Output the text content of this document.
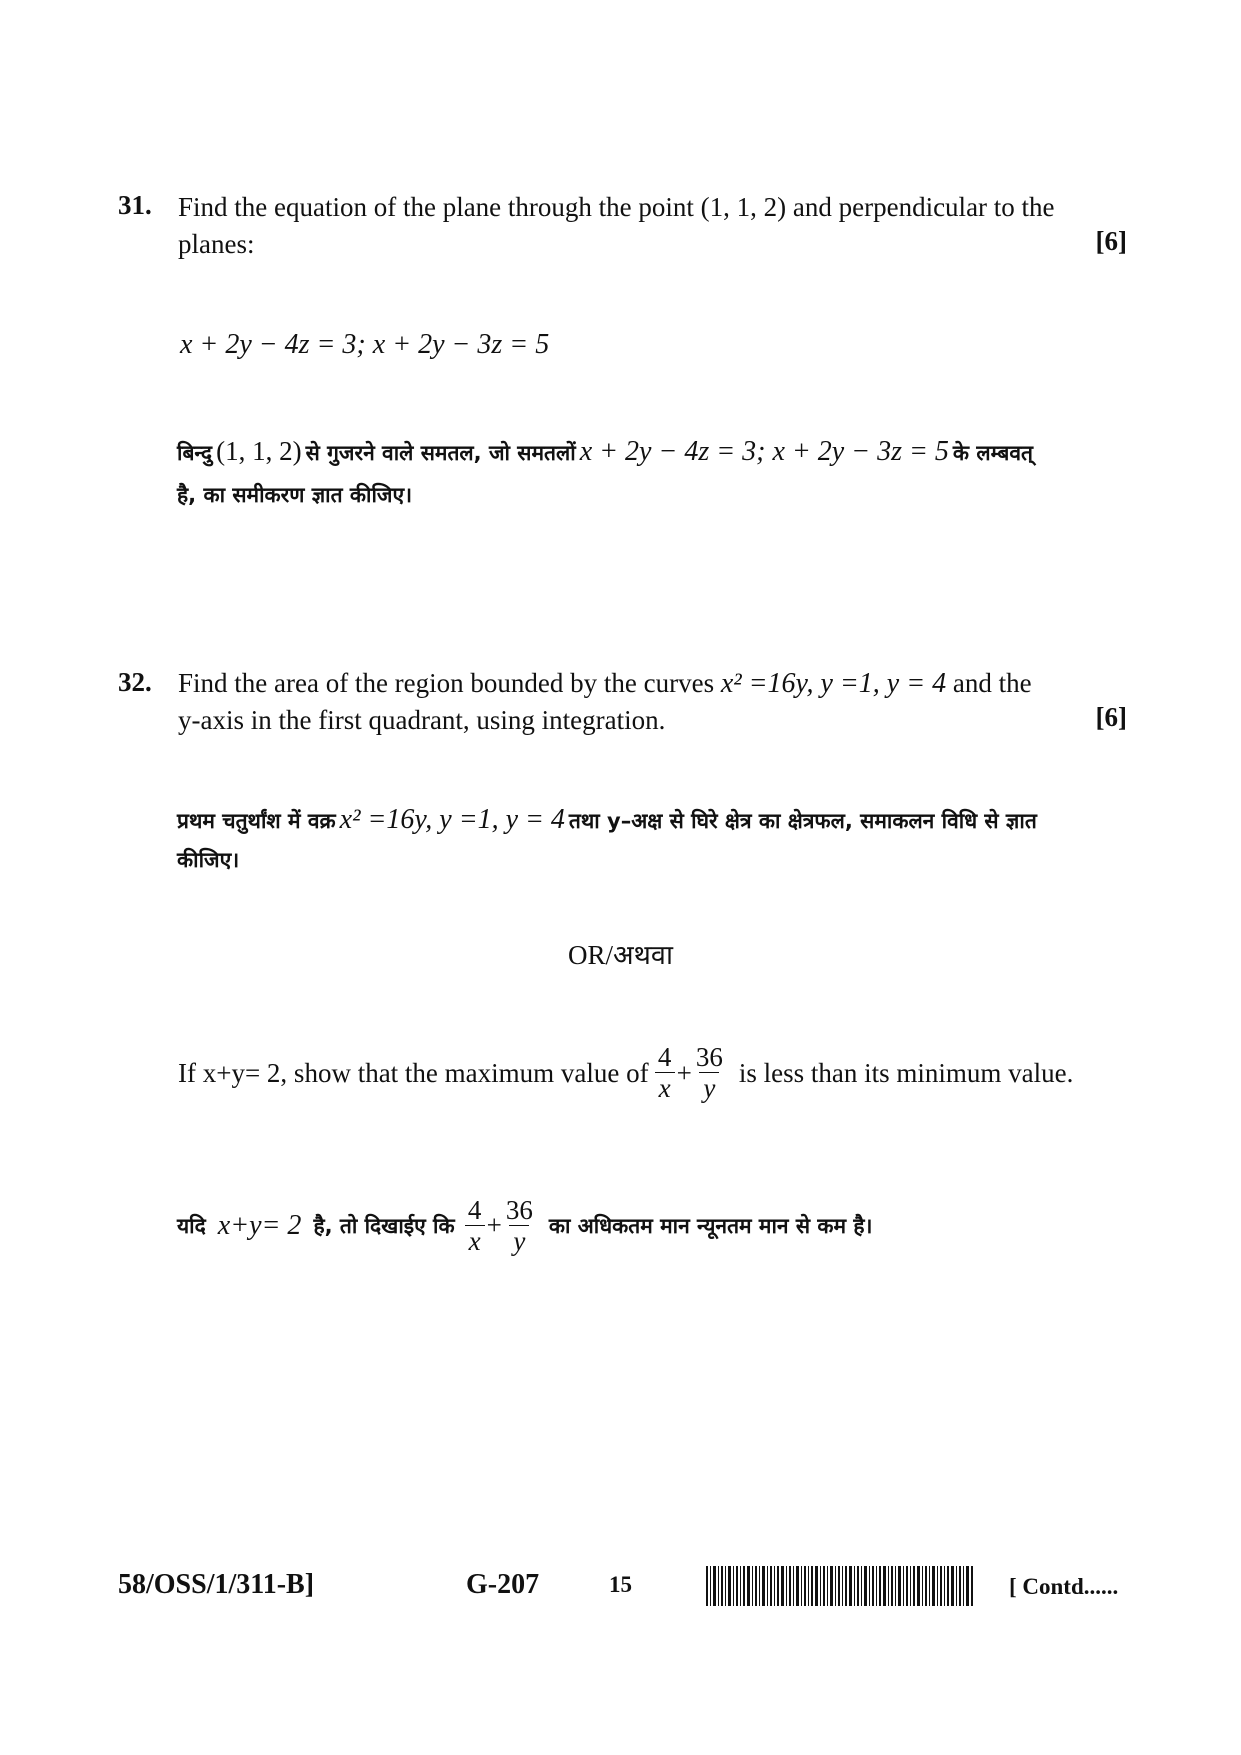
31. Find the equation of the plane through the point (1, 1, 2) and perpendicular to the
planes:	[6]
x + 2y − 4z = 3; x + 2y − 3z = 5
बिन्दु (1, 1, 2) से गुजरने वाले समतल, जो समतलों x + 2y − 4z = 3; x + 2y − 3z = 5 के लम्बवत्
है, का समीकरण ज्ञात कीजिए।
32. Find the area of the region bounded by the curves x² =16y, y =1, y = 4 and the
y-axis in the first quadrant, using integration.	[6]
प्रथम चतुर्थांश में वक्र x² =16y, y =1, y = 4 तथा y–अक्ष से घिरे क्षेत्र का क्षेत्रफल, समाकलन विधि से ज्ञात
कीजिए।
OR/अथवा
If x+y= 2, show that the maximum value of $\frac{4}{x} + \frac{36}{y}$ is less than its minimum value.
यदि x+y= 2 है, तो दिखाईए कि $\frac{4}{x} + \frac{36}{y}$ का अधिकतम मान न्यूनतम मान से कम है।
58/OSS/1/311-B]	G-207	15	[ Contd......
